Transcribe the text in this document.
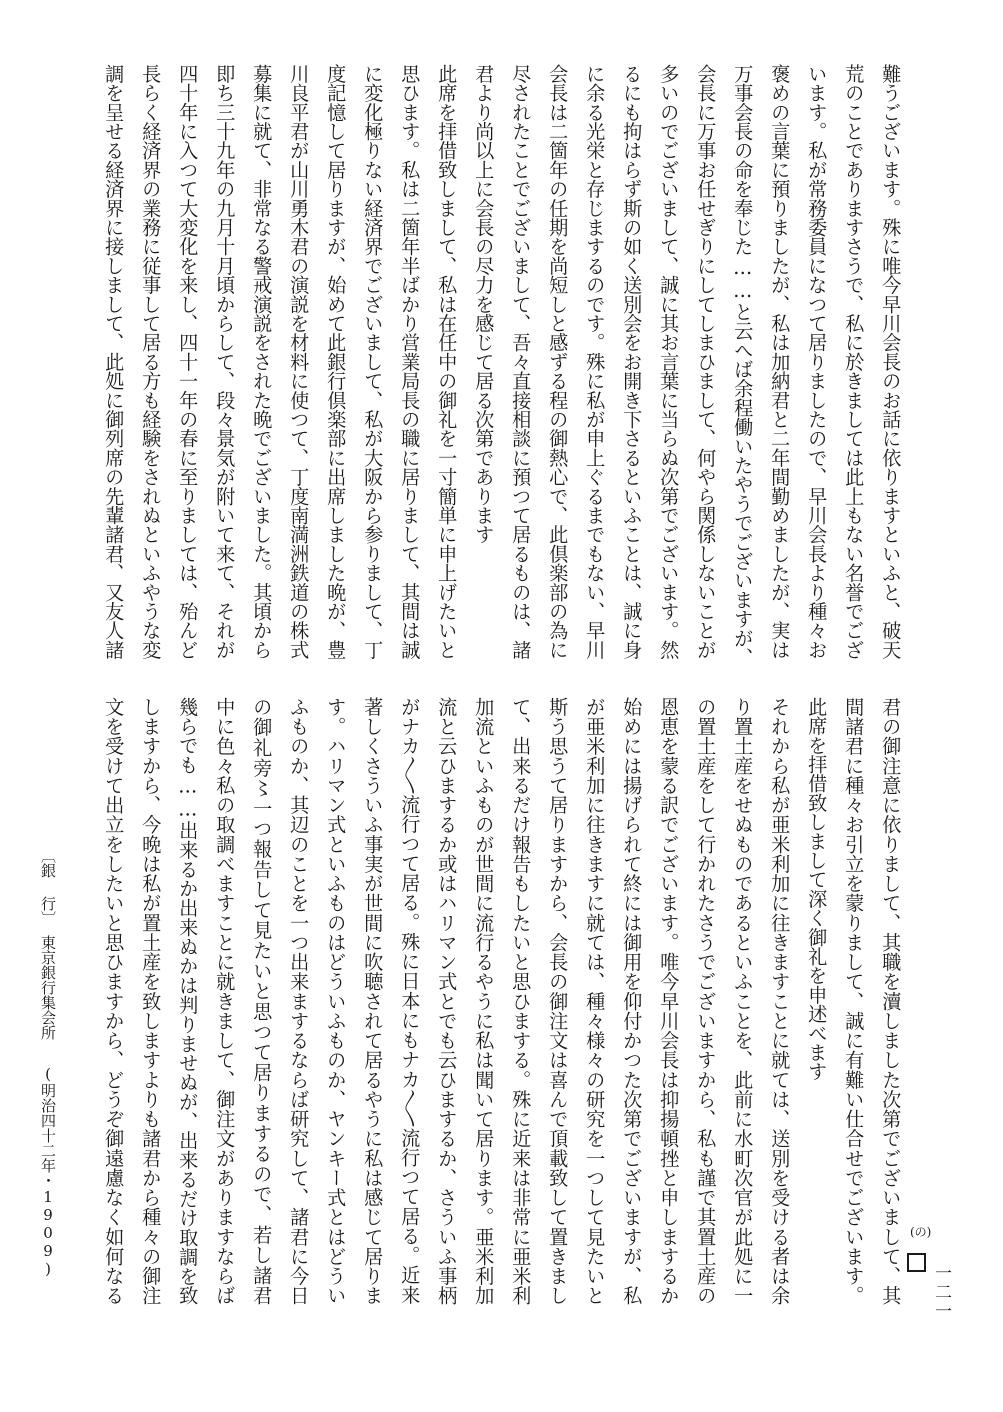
難うございます。殊に唯今早川会長のお話に依りますといふと、破天

荒のことでありますさうで、私に於きましては此上もない名誉でござ

います。私が常務委員になつて居りましたので、早川会長より種々お

褒めの言葉に預りましたが、私は加納君と二年間勤めましたが、実は

万事会長の命を奉じた……と云へば余程働いたやうでございますが、

会長に万事お任せぎりにしてしまひまして、何やら関係しないことが

多いのでございまして、誠に其お言葉に当らぬ次第でございます。然

るにも拘はらず斯の如く送別会をお開き下さるといふことは、誠に身

に余る光栄と存じまするのです。殊に私が申上ぐるまでもない、早川

会長は二箇年の任期を尚短しと感ずる程の御熱心で、此倶楽部の為に

尽されたことでございまして、吾々直接相談に預つて居るものは、諸

君より尚以上に会長の尽力を感じて居る次第であります

此席を拝借致しまして、私は在任中の御礼を一寸簡単に申上げたいと

思ひます。私は二箇年半ばかり営業局長の職に居りまして、其間は誠

に変化極りない経済界でございまして、私が大阪から参りまして、丁

度記憶して居りますが、始めて此銀行倶楽部に出席しました晩が、豊

川良平君が山川勇木君の演説を材料に使つて、丁度南満洲鉄道の株式

募集に就て、非常なる警戒演説をされた晩でございました。其頃から

即ち三十九年の九月十月頃からして、段々景気が附いて来て、それが

四十年に入つて大変化を来し、四十一年の春に至りましては、殆んど

長らく経済界の業務に従事して居る方も経験をされぬといふやうな変

調を呈せる経済界に接しまして、此処に御列席の先輩諸君、又友人諸

〔銀 行〕
東京銀行集会所
(明治四十二年・1909)	君の御注意に依りまして、其職を瀆しました次第でございまして、其

間諸君に種々お引立を蒙りまして、誠に有難い仕合せでございます。

此席を拝借致しまして深く御礼を申述べます

それから私が亜米利加に往きますことに就ては、送別を受ける者は余

り置土産をせぬものであるといふことを、此前に水町次官が此処に一

の置土産をして行かれたさうでございますから、私も謹で其置土産の

恩恵を蒙る訳でございます。唯今早川会長は抑揚頓挫と申しまするか

始めには揚げられて終には御用を仰付かつた次第でございますが、私

が亜米利加に往きますに就ては、種々様々の研究を一つして見たいと

斯う思うて居りますから、会長の御注文は喜んで頂載致して置きまし

て、出来るだけ報告もしたいと思ひまする。殊に近来は非常に亜米利

加流といふものが世間に流行るやうに私は聞いて居ります。亜米利加

流と云ひまするか或はハリマン式とでも云ひまするか、さういふ事柄

がナカ〳〵流行つて居る。殊に日本にもナカ〳〵流行つて居る。近来

著しくさういふ事実が世間に吹聴されて居るやうに私は感じて居りま

す。ハリマン式といふものはどういふものか、ヤンキー式とはどうい

ふものか、其辺のことを一つ出来まするならば研究して、諸君に今日

の御礼旁〻一つ報告して見たいと思つて居りまするので、若し諸君

中に色々私の取調べますことに就きまして、御注文がありますならば

幾らでも……出来るか出来ぬかは判りませぬが、出来るだけ取調を致

しますから、今晩は私が置土産を致しますよりも諸君から種々の御注

文を受けて出立をしたいと思ひますから、どうぞ御遠慮なく如何なる	(の)
一二一
